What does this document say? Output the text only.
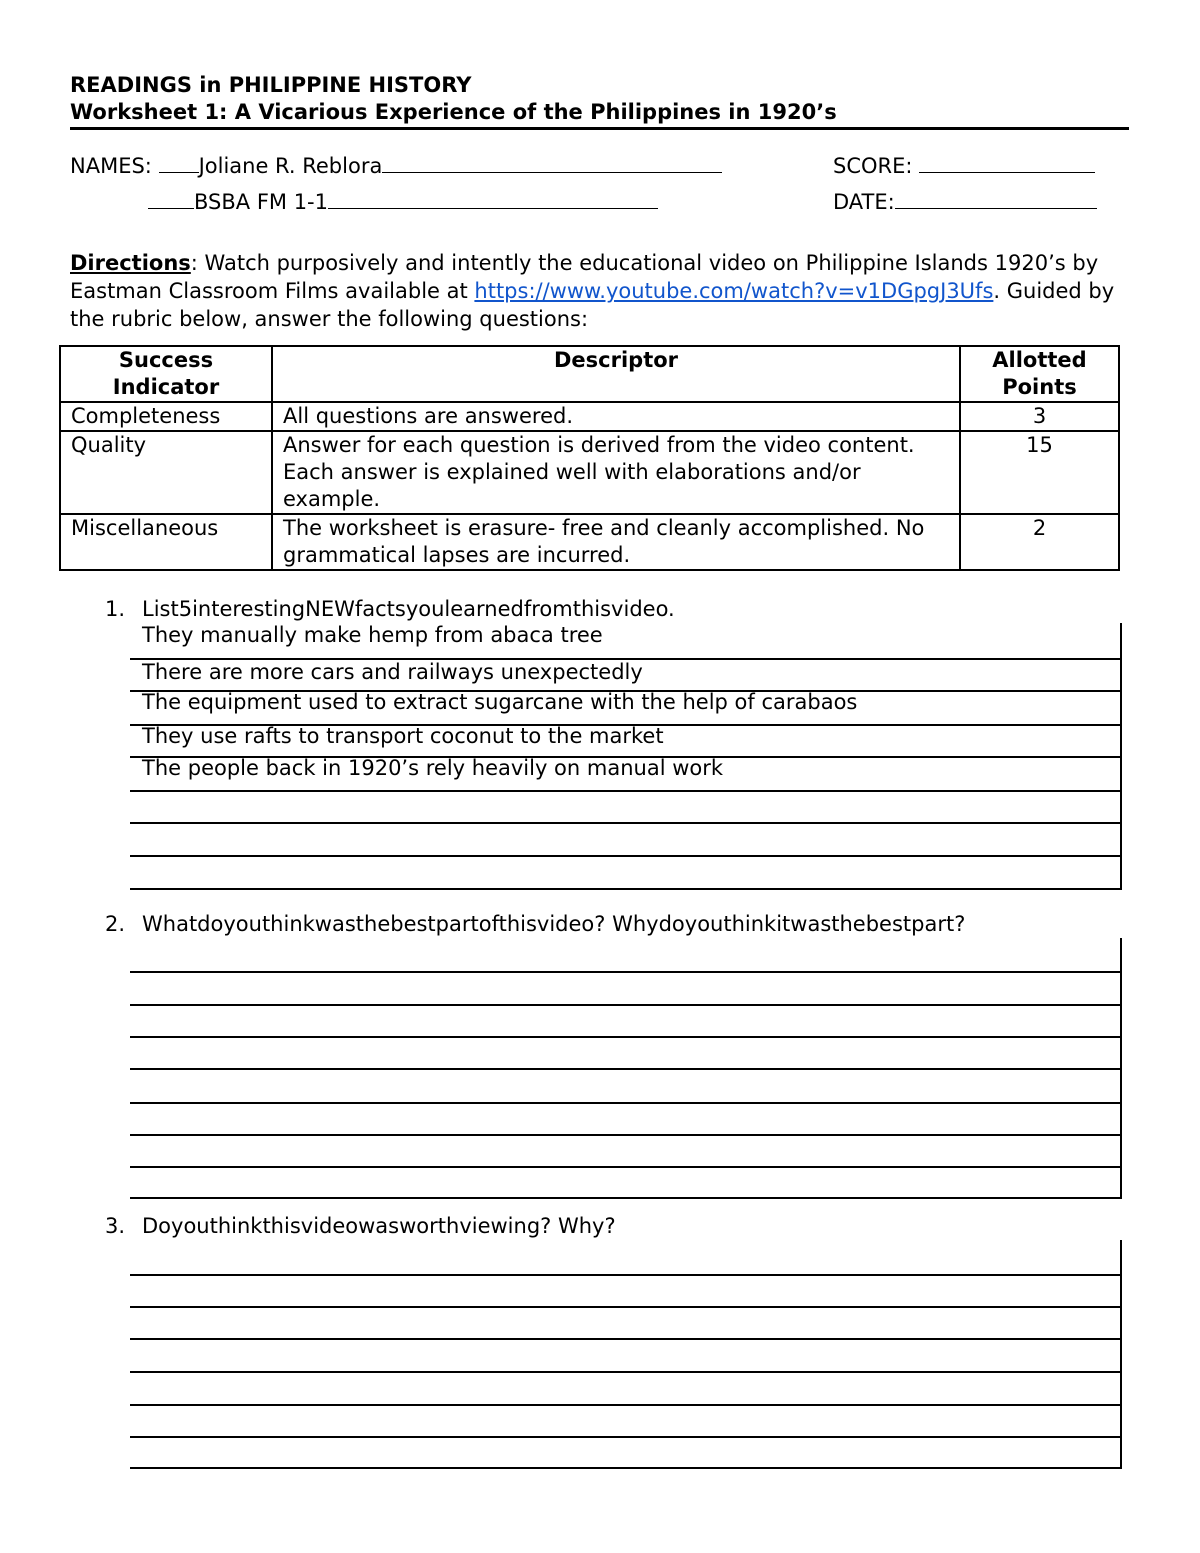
READINGS in PHILIPPINE HISTORY
Worksheet 1: A Vicarious Experience of the Philippines in 1920’s
NAMES: Joliane R. Reblora
BSBA FM 1-1
SCORE:
DATE:
Directions: Watch purposively and intently the educational video on Philippine Islands 1920’s by Eastman Classroom Films available at https://www.youtube.com/watch?v=v1DGpgJ3Ufs. Guided by the rubric below, answer the following questions:
Success Indicator	Descriptor	Allotted Points
Completeness	All questions are answered.	3
Quality	Answer for each question is derived from the video content. Each answer is explained well with elaborations and/or example.	15
Miscellaneous	The worksheet is erasure- free and cleanly accomplished. No grammatical lapses are incurred.	2
1. List5interestingNEWfactsyoulearnedfromthisvideo.
They manually make hemp from abaca tree
There are more cars and railways unexpectedly
The equipment used to extract sugarcane with the help of carabaos
They use rafts to transport coconut to the market
The people back in 1920’s rely heavily on manual work
2. Whatdoyouthinkwasthebestpartofthisvideo? Whydoyouthinkitwasthebestpart?
3. Doyouthinkthisvideowasworthviewing? Why?
